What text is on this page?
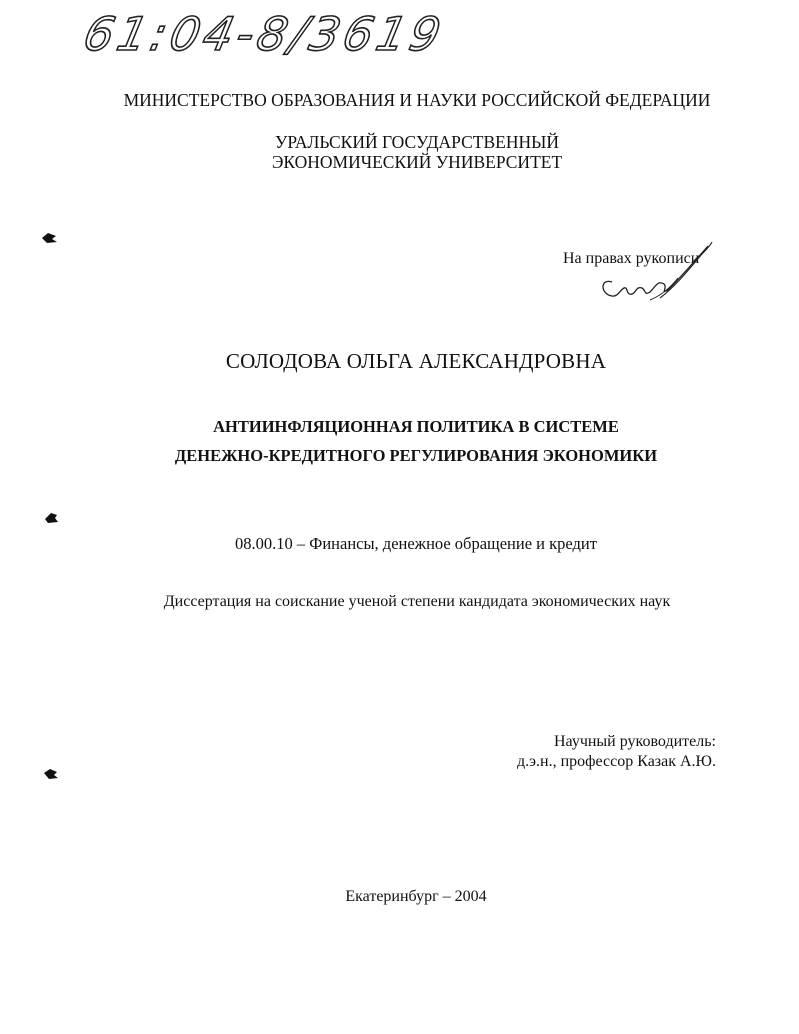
61:04-8/3619
МИНИСТЕРСТВО ОБРАЗОВАНИЯ И НАУКИ РОССИЙСКОЙ ФЕДЕРАЦИИ
УРАЛЬСКИЙ ГОСУДАРСТВЕННЫЙ
ЭКОНОМИЧЕСКИЙ УНИВЕРСИТЕТ
На правах рукописи
СОЛОДОВА ОЛЬГА АЛЕКСАНДРОВНА
АНТИИНФЛЯЦИОННАЯ ПОЛИТИКА В СИСТЕМЕ
ДЕНЕЖНО-КРЕДИТНОГО РЕГУЛИРОВАНИЯ ЭКОНОМИКИ
08.00.10 – Финансы, денежное обращение и кредит
Диссертация на соискание ученой степени кандидата экономических наук
Научный руководитель:
д.э.н., профессор Казак А.Ю.
Екатеринбург – 2004
